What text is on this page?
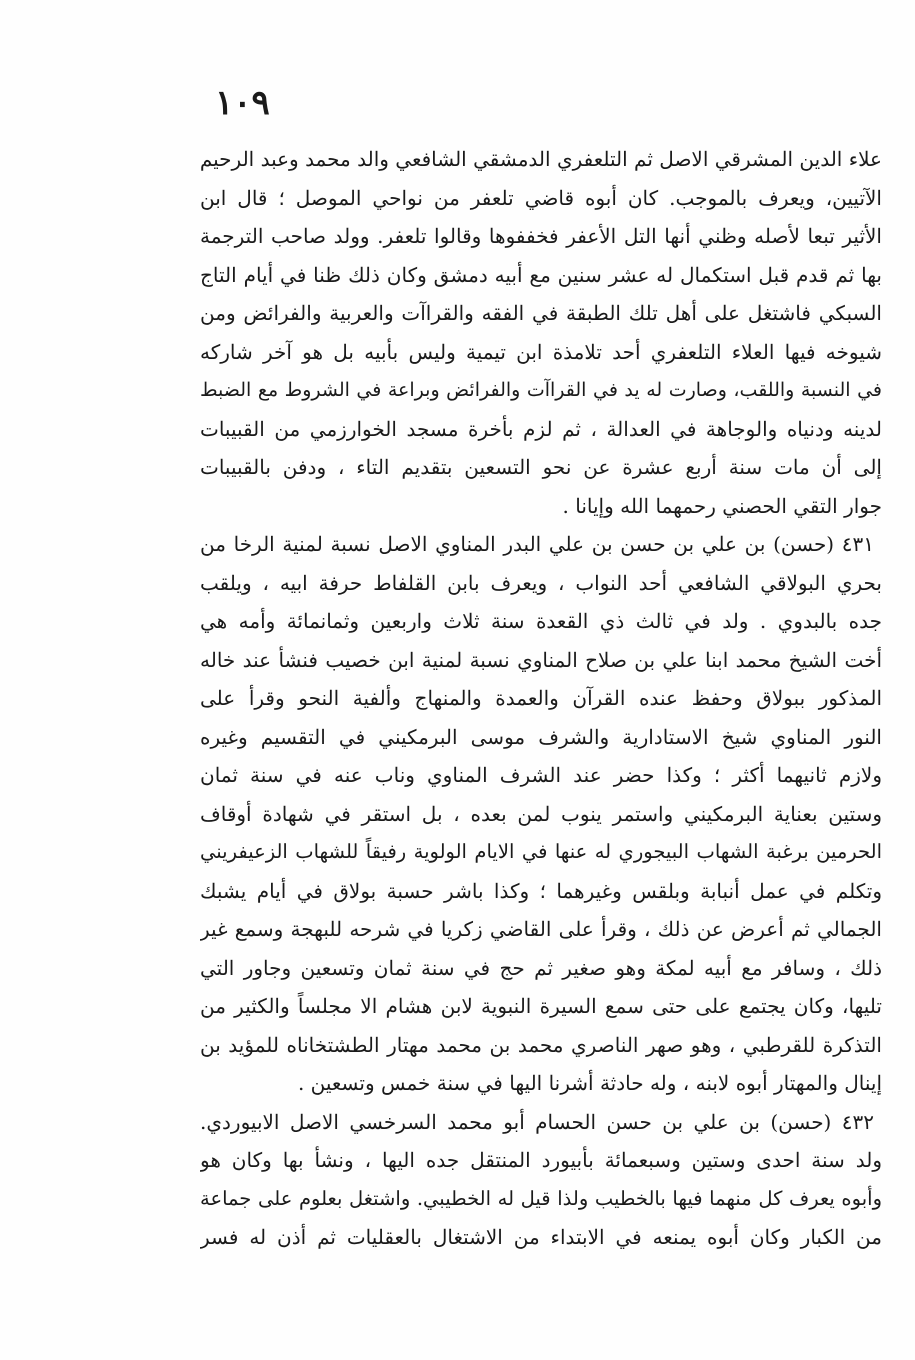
١٠٩
علاء الدين المشرقي الاصل ثم التلعفري الدمشقي الشافعي والد محمد وعبد الرحيم
الآتيين، ويعرف بالموجب. كان أبوه قاضي تلعفر من نواحي الموصل ؛ قال ابن
الأثير تبعا لأصله وظني أنها التل الأعفر فخففوها وقالوا تلعفر. وولد صاحب الترجمة
بها ثم قدم قبل استكمال له عشر سنين مع أبيه دمشق وكان ذلك ظنا في أيام التاج
السبكي فاشتغل على أهل تلك الطبقة في الفقه والقراآت والعربية والفرائض ومن
شيوخه فيها العلاء التلعفري أحد تلامذة ابن تيمية وليس بأبيه بل هو آخر شاركه
في النسبة واللقب، وصارت له يد في القراآت والفرائض وبراعة في الشروط مع الضبط
لدينه ودنياه والوجاهة في العدالة ، ثم لزم بأخرة مسجد الخوارزمي من القبيبات
إلى أن مات سنة أربع عشرة عن نحو التسعين بتقديم التاء ، ودفن بالقبيبات
جوار التقي الحصني رحمهما الله وإيانا .
٤٣١ (حسن) بن علي بن حسن بن علي البدر المناوي الاصل نسبة لمنية الرخا من
بحري البولاقي الشافعي أحد النواب ، ويعرف بابن القلفاط حرفة ابيه ، ويلقب
جده بالبدوي . ولد في ثالث ذي القعدة سنة ثلاث واربعين وثمانمائة وأمه هي
أخت الشيخ محمد ابنا علي بن صلاح المناوي نسبة لمنية ابن خصيب فنشأ عند خاله
المذكور ببولاق وحفظ عنده القرآن والعمدة والمنهاج وألفية النحو وقرأ على
النور المناوي شيخ الاستادارية والشرف موسى البرمكيني في التقسيم وغيره
ولازم ثانيهما أكثر ؛ وكذا حضر عند الشرف المناوي وناب عنه في سنة ثمان
وستين بعناية البرمكيني واستمر ينوب لمن بعده ، بل استقر في شهادة أوقاف
الحرمين برغبة الشهاب البيجوري له عنها في الايام الولوية رفيقاً للشهاب الزعيفريني
وتكلم في عمل أنبابة وبلقس وغيرهما ؛ وكذا باشر حسبة بولاق في أيام يشبك
الجمالي ثم أعرض عن ذلك ، وقرأ على القاضي زكريا في شرحه للبهجة وسمع غير
ذلك ، وسافر مع أبيه لمكة وهو صغير ثم حج في سنة ثمان وتسعين وجاور التي
تليها، وكان يجتمع على حتى سمع السيرة النبوية لابن هشام الا مجلساً والكثير من
التذكرة للقرطبي ، وهو صهر الناصري محمد بن محمد مهتار الطشتخاناه للمؤيد بن
إينال والمهتار أبوه لابنه ، وله حادثة أشرنا اليها في سنة خمس وتسعين .
٤٣٢ (حسن) بن علي بن حسن الحسام أبو محمد السرخسي الاصل الابيوردي.
ولد سنة احدى وستين وسبعمائة بأبيورد المنتقل جده اليها ، ونشأ بها وكان هو
وأبوه يعرف كل منهما فيها بالخطيب ولذا قيل له الخطيبي. واشتغل بعلوم على جماعة
من الكبار وكان أبوه يمنعه في الابتداء من الاشتغال بالعقليات ثم أذن له فسر
